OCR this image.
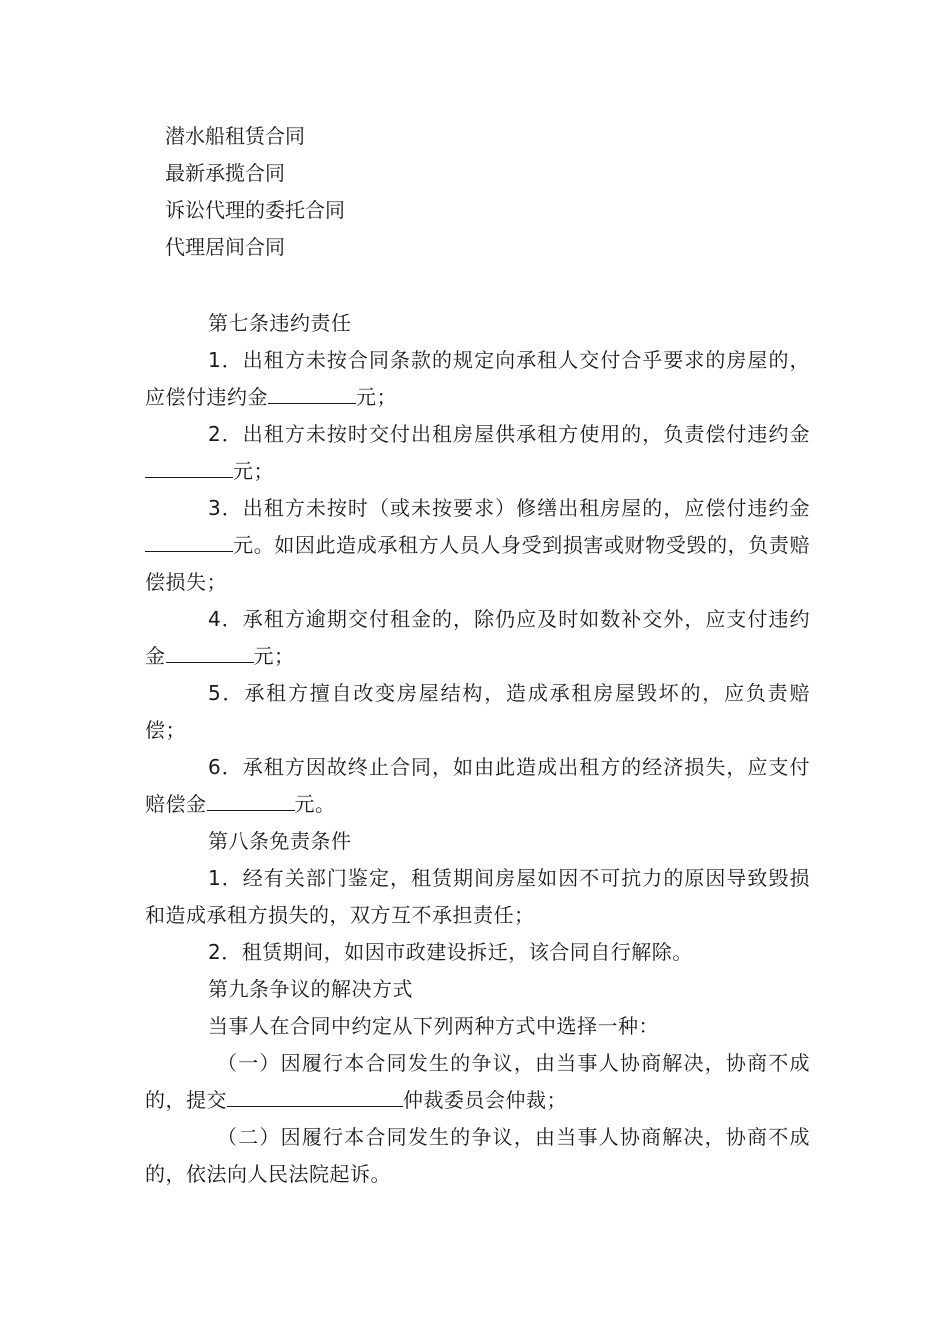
潜水船租赁合同
最新承揽合同
诉讼代理的委托合同
代理居间合同

第七条违约责任

1．出租方未按合同条款的规定向承租人交付合乎要求的房屋的，应偿付违约金	元；

2．出租方未按时交付出租房屋供承租方使用的，负责偿付违约金元；

3．出租方未按时（或未按要求）修缮出租房屋的，应偿付违约金元。如因此造成承租方人员人身受到损害或财物受毁的，负责赔偿损失；

4．承租方逾期交付租金的，除仍应及时如数补交外，应支付违约金	元；

5．承租方擅自改变房屋结构，造成承租房屋毁坏的，应负责赔偿；

6．承租方因故终止合同，如由此造成出租方的经济损失，应支付赔偿金	元。

第八条免责条件

1．经有关部门鉴定，租赁期间房屋如因不可抗力的原因导致毁损和造成承租方损失的，双方互不承担责任；

2．租赁期间，如因市政建设拆迁，该合同自行解除。

第九条争议的解决方式

当事人在合同中约定从下列两种方式中选择一种：

（一）因履行本合同发生的争议，由当事人协商解决，协商不成的，提交	仲裁委员会仲裁；

（二）因履行本合同发生的争议，由当事人协商解决，协商不成的，依法向人民法院起诉。
